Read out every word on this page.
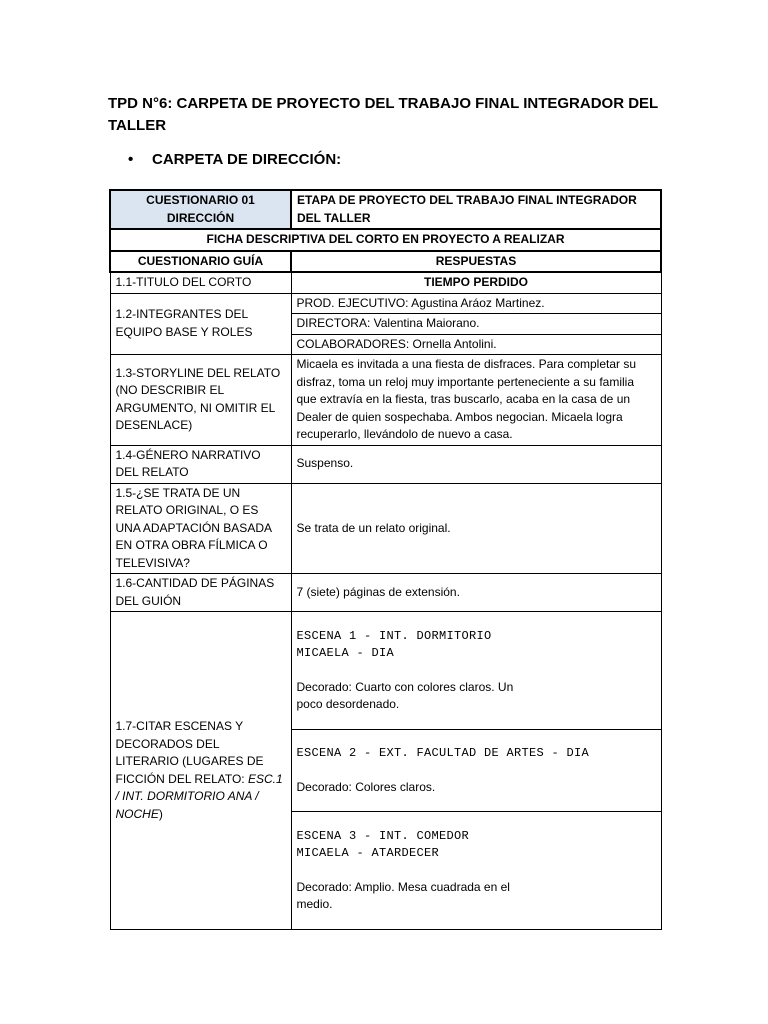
TPD N°6: CARPETA DE PROYECTO DEL TRABAJO FINAL INTEGRADOR DEL TALLER
• CARPETA DE DIRECCIÓN:
CUESTIONARIO 01 DIRECCIÓN	ETAPA DE PROYECTO DEL TRABAJO FINAL INTEGRADOR DEL TALLER
FICHA DESCRIPTIVA DEL CORTO EN PROYECTO A REALIZAR	
CUESTIONARIO GUÍA	RESPUESTAS
1.1-TITULO DEL CORTO	TIEMPO PERDIDO
1.2-INTEGRANTES DEL EQUIPO BASE Y ROLES	PROD. EJECUTIVO: Agustina Aráoz Martinez.
	DIRECTORA: Valentina Maiorano.
	COLABORADORES: Ornella Antolini.
1.3-STORYLINE DEL RELATO (NO DESCRIBIR EL ARGUMENTO, NI OMITIR EL DESENLACE)	Micaela es invitada a una fiesta de disfraces. Para completar su disfraz, toma un reloj muy importante perteneciente a su familia que extravía en la fiesta, tras buscarlo, acaba en la casa de un Dealer de quien sospechaba. Ambos negocian. Micaela logra recuperarlo, llevándolo de nuevo a casa.
1.4-GÉNERO NARRATIVO DEL RELATO	Suspenso.
1.5-¿SE TRATA DE UN RELATO ORIGINAL, O ES UNA ADAPTACIÓN BASADA EN OTRA OBRA FÍLMICA O TELEVISIVA?	Se trata de un relato original.
1.6-CANTIDAD DE PÁGINAS DEL GUIÓN	7 (siete) páginas de extensión.
1.7-CITAR ESCENAS Y DECORADOS DEL LITERARIO (LUGARES DE FICCIÓN DEL RELATO: ESC.1 / INT. DORMITORIO ANA / NOCHE)	ESCENA 1 - INT. DORMITORIO
MICAELA - DIA
Decorado: Cuarto con colores claros. Un poco desordenado.

	ESCENA 2 - EXT. FACULTAD DE ARTES - DIA
Decorado: Colores claros.

	ESCENA 3 - INT. COMEDOR
MICAELA - ATARDECER
Decorado: Amplio. Mesa cuadrada en el medio.
